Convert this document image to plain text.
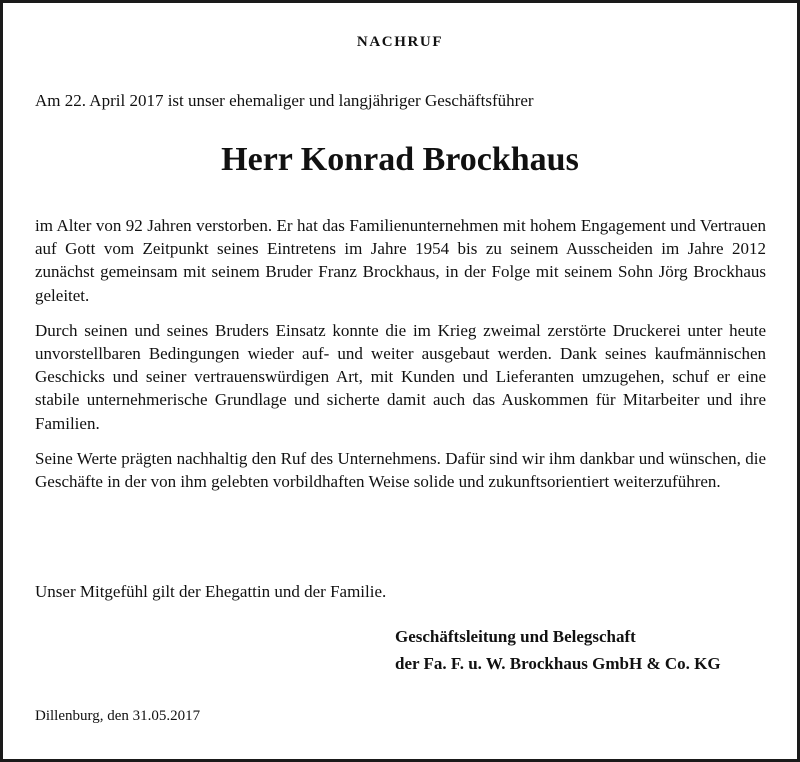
NACHRUF
Am 22. April 2017 ist unser ehemaliger und langjähriger Geschäftsführer
Herr Konrad Brockhaus

im Alter von 92 Jahren verstorben. Er hat das Familienunternehmen mit hohem Engagement und Vertrauen auf Gott vom Zeitpunkt seines Eintretens im Jahre 1954 bis zu seinem Ausscheiden im Jahre 2012 zunächst gemeinsam mit seinem Bruder Franz Brockhaus, in der Folge mit seinem Sohn Jörg Brockhaus geleitet.

Durch seinen und seines Bruders Einsatz konnte die im Krieg zweimal zerstörte Druckerei unter heute unvorstellbaren Bedingungen wieder auf- und weiter ausgebaut werden. Dank seines kaufmännischen Geschicks und seiner vertrauenswürdigen Art, mit Kunden und Lieferanten umzugehen, schuf er eine stabile unternehmerische Grundlage und sicherte damit auch das Auskommen für Mitarbeiter und ihre Familien.

Seine Werte prägten nachhaltig den Ruf des Unternehmens. Dafür sind wir ihm dankbar und wünschen, die Geschäfte in der von ihm gelebten vorbildhaften Weise solide und zukunftsorientiert weiterzuführen.

Unser Mitgefühl gilt der Ehegattin und der Familie.
Geschäftsleitung und Belegschaft
der Fa. F. u. W. Brockhaus GmbH & Co. KG
Dillenburg, den 31.05.2017
